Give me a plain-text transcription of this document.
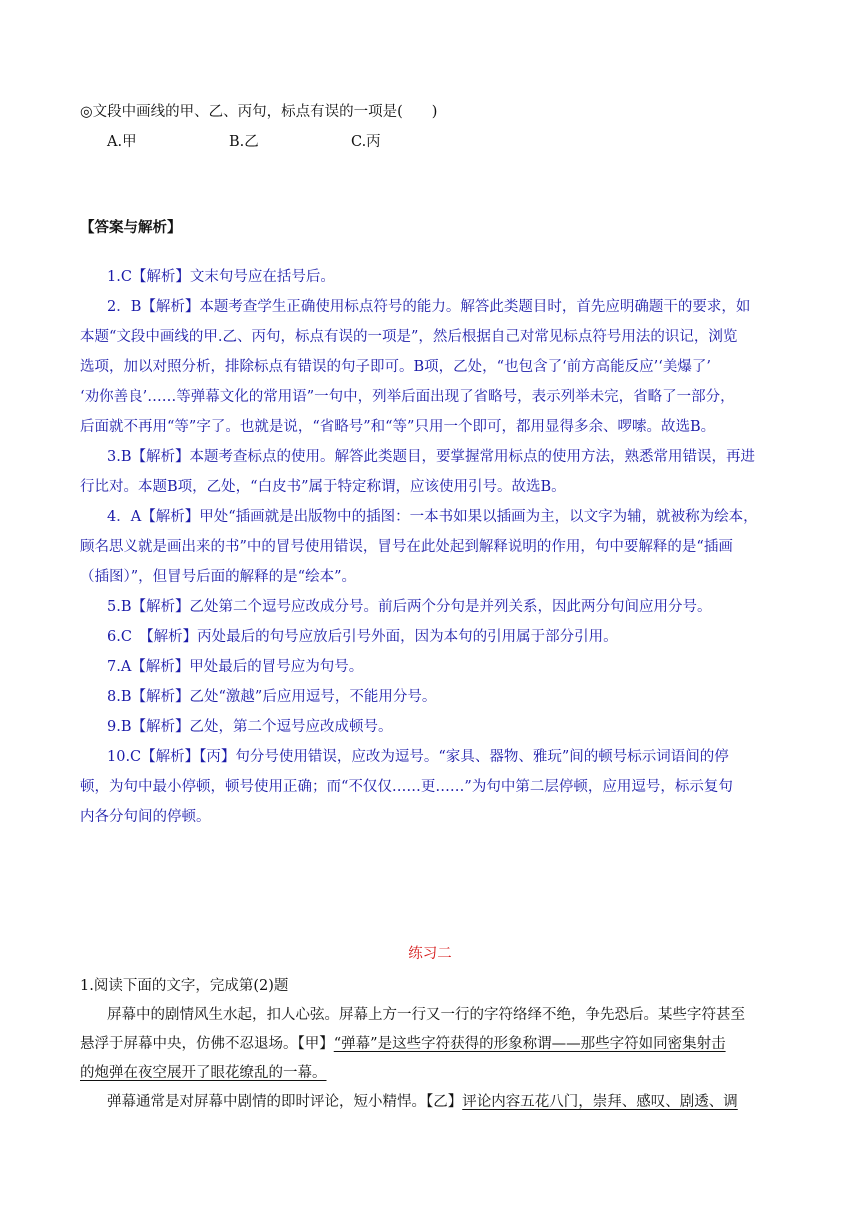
◎文段中画线的甲、乙、丙句，标点有误的一项是(　　)
A.甲	B.乙	C.丙
【答案与解析】
1.C【解析】文末句号应在括号后。
2．B【解析】本题考查学生正确使用标点符号的能力。解答此类题目时，首先应明确题干的要求，如
本题“文段中画线的甲.乙、丙句，标点有误的一项是”，然后根据自己对常见标点符号用法的识记，浏览
选项，加以对照分析，排除标点有错误的句子即可。B项，乙处，“也包含了‘前方高能反应’‘美爆了’
‘劝你善良’……等弹幕文化的常用语”一句中，列举后面出现了省略号，表示列举未完，省略了一部分，
后面就不再用“等”字了。也就是说，“省略号”和“等”只用一个即可，都用显得多余、啰嗦。故选B。
3.B【解析】本题考查标点的使用。解答此类题目，要掌握常用标点的使用方法，熟悉常用错误，再进
行比对。本题B项，乙处，“白皮书”属于特定称谓，应该使用引号。故选B。
4．A【解析】甲处“插画就是出版物中的插图：一本书如果以插画为主，以文字为辅，就被称为绘本，
顾名思义就是画出来的书”中的冒号使用错误，冒号在此处起到解释说明的作用，句中要解释的是“插画
（插图）”，但冒号后面的解释的是“绘本”。
5.B【解析】乙处第二个逗号应改成分号。前后两个分句是并列关系，因此两分句间应用分号。
6.C　【解析】丙处最后的句号应放后引号外面，因为本句的引用属于部分引用。
7.A【解析】甲处最后的冒号应为句号。
8.B【解析】乙处“激越”后应用逗号，不能用分号。
9.B【解析】乙处，第二个逗号应改成顿号。
10.C【解析】【丙】句分号使用错误，应改为逗号。“家具、器物、雅玩”间的顿号标示词语间的停
顿，为句中最小停顿，顿号使用正确；而“不仅仅……更……”为句中第二层停顿，应用逗号，标示复句
内各分句间的停顿。
练习二
1.阅读下面的文字，完成第(2)题
屏幕中的剧情风生水起，扣人心弦。屏幕上方一行又一行的字符络绎不绝，争先恐后。某些字符甚至
悬浮于屏幕中央，仿佛不忍退场。【甲】 “弹幕”是这些字符获得的形象称谓——那些字符如同密集射击
的炮弹在夜空展开了眼花缭乱的一幕。
弹幕通常是对屏幕中剧情的即时评论，短小精悍。【乙】 评论内容五花八门，崇拜、感叹、剧透、调
